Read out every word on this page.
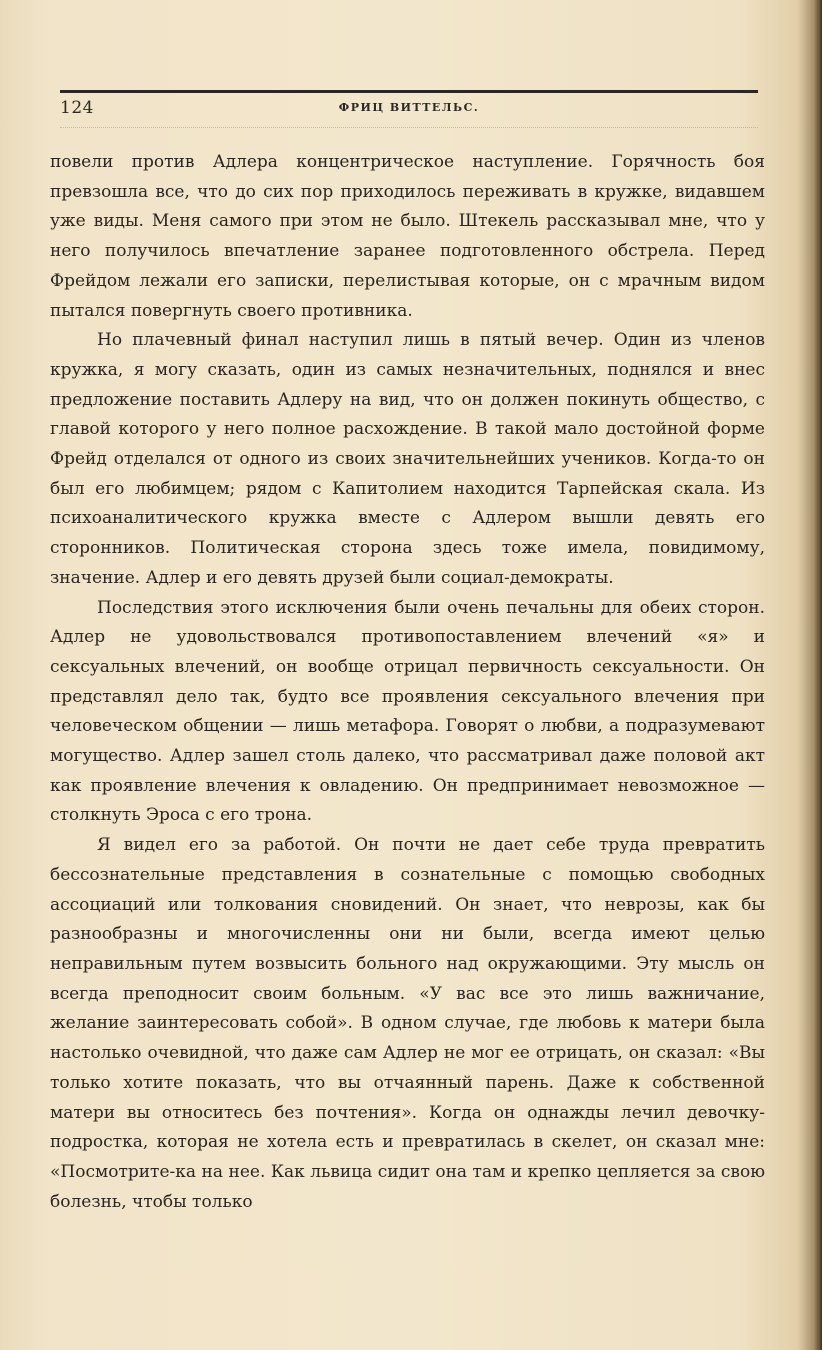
124	ФРИЦ ВИТТЕЛЬС.

повели против Адлера концентрическое наступление. Горячность боя превзошла все, что до сих пор приходилось переживать в кружке, видавшем уже виды. Меня самого при этом не было. Штекель рассказывал мне, что у него получилось впечатление заранее подготовленного обстрела. Перед Фрейдом лежали его записки, перелистывая которые, он с мрачным видом пытался повергнуть своего противника.

Но плачевный финал наступил лишь в пятый вечер. Один из членов кружка, я могу сказать, один из самых незначительных, поднялся и внес предложение поставить Адлеру на вид, что он должен покинуть общество, с главой которого у него полное расхождение. В такой мало достойной форме Фрейд отделался от одного из своих значительнейших учеников. Когда-то он был его любимцем; рядом с Капитолием находится Тарпейская скала. Из психоаналитического кружка вместе с Адлером вышли девять его сторонников. Политическая сторона здесь тоже имела, повидимому, значение. Адлер и его девять друзей были социал-демократы.

Последствия этого исключения были очень печальны для обеих сторон. Адлер не удовольствовался противопоставлением влечений «я» и сексуальных влечений, он вообще отрицал первичность сексуальности. Он представлял дело так, будто все проявления сексуального влечения при человеческом общении — лишь метафора. Говорят о любви, а подразумевают могущество. Адлер зашел столь далеко, что рассматривал даже половой акт как проявление влечения к овладению. Он предпринимает невозможное — столкнуть Эроса с его трона.

Я видел его за работой. Он почти не дает себе труда превратить бессознательные представления в сознательные с помощью свободных ассоциаций или толкования сновидений. Он знает, что неврозы, как бы разнообразны и многочисленны они ни были, всегда имеют целью неправильным путем возвысить больного над окружающими. Эту мысль он всегда преподносит своим больным. «У вас все это лишь важничание, желание заинтересовать собой». В одном случае, где любовь к матери была настолько очевидной, что даже сам Адлер не мог ее отрицать, он сказал: «Вы только хотите показать, что вы отчаянный парень. Даже к собственной матери вы относитесь без почтения». Когда он однажды лечил девочку-подростка, которая не хотела есть и превратилась в скелет, он сказал мне: «Посмотрите-ка на нее. Как львица сидит она там и крепко цепляется за свою болезнь, чтобы только
